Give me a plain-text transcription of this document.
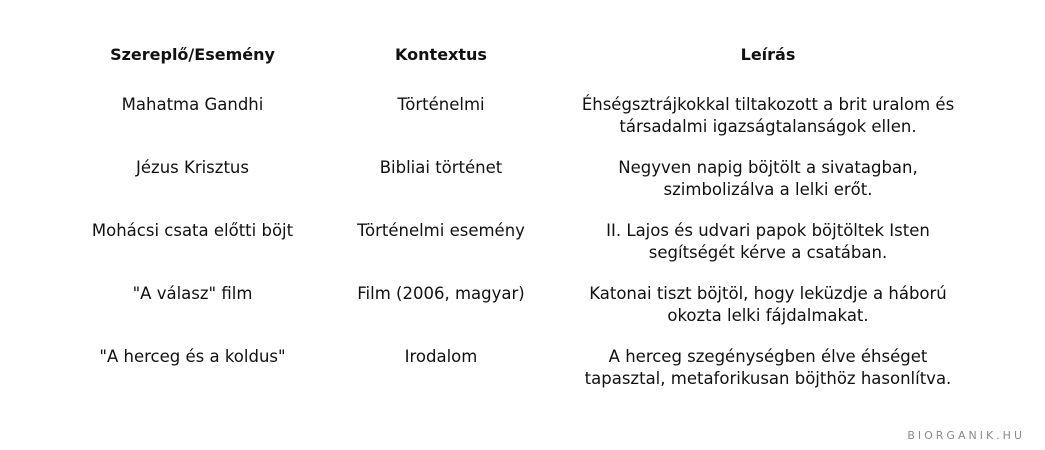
Szereplő/Esemény	Kontextus	Leírás
Mahatma Gandhi	Történelmi	Éhségsztrájkokkal tiltakozott a brit uralom és társadalmi igazságtalanságok ellen.
Jézus Krisztus	Bibliai történet	Negyven napig böjtölt a sivatagban, szimbolizálva a lelki erőt.
Mohácsi csata előtti böjt	Történelmi esemény	II. Lajos és udvari papok böjtöltek Isten segítségét kérve a csatában.
"A válasz" film	Film (2006, magyar)	Katonai tiszt böjtöl, hogy leküzdje a háború okozta lelki fájdalmakat.
"A herceg és a koldus"	Irodalom	A herceg szegénységben élve éhséget tapasztal, metaforikusan böjthöz hasonlítva.
BIORGANIK.HU
